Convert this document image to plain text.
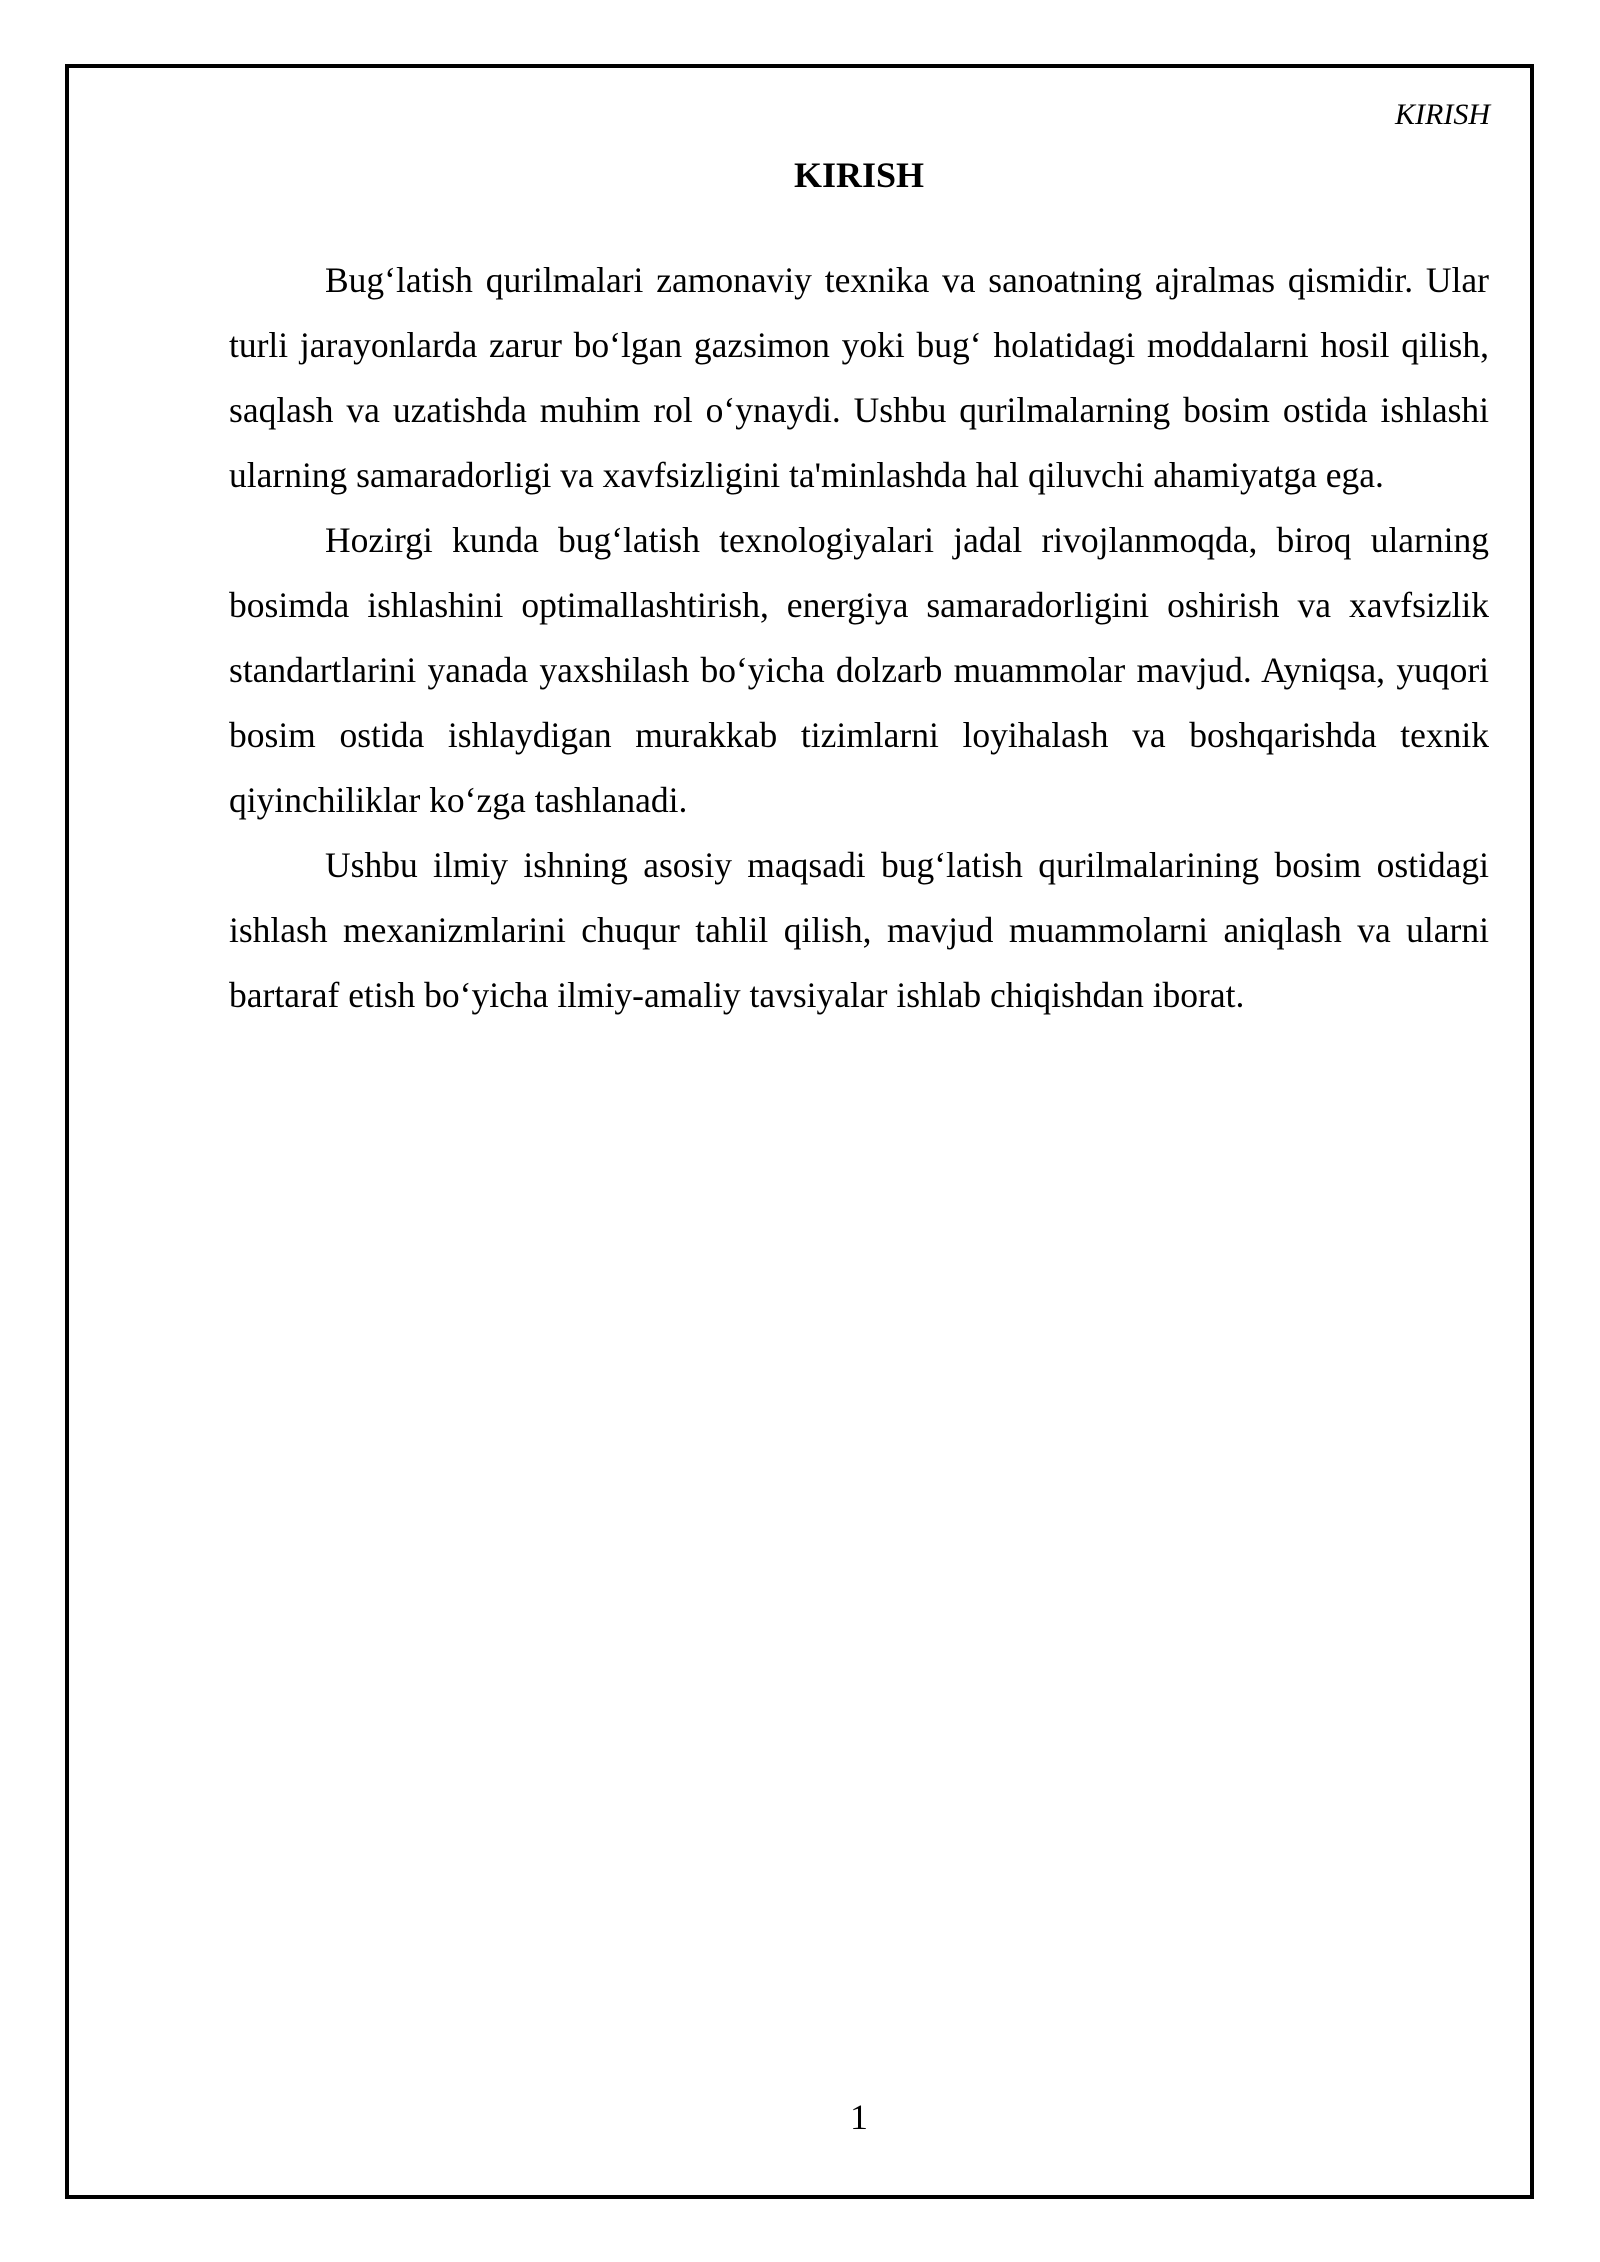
KIRISH
KIRISH

Bug‘latish qurilmalari zamonaviy texnika va sanoatning ajralmas qismidir. Ular turli jarayonlarda zarur bo‘lgan gazsimon yoki bug‘ holatidagi moddalarni hosil qilish, saqlash va uzatishda muhim rol o‘ynaydi. Ushbu qurilmalarning bosim ostida ishlashi ularning samaradorligi va xavfsizligini ta'minlashda hal qiluvchi ahamiyatga ega.

Hozirgi kunda bug‘latish texnologiyalari jadal rivojlanmoqda, biroq ularning bosimda ishlashini optimallashtirish, energiya samaradorligini oshirish va xavfsizlik standartlarini yanada yaxshilash bo‘yicha dolzarb muammolar mavjud. Ayniqsa, yuqori bosim ostida ishlaydigan murakkab tizimlarni loyihalash va boshqarishda texnik qiyinchiliklar ko‘zga tashlanadi.

Ushbu ilmiy ishning asosiy maqsadi bug‘latish qurilmalarining bosim ostidagi ishlash mexanizmlarini chuqur tahlil qilish, mavjud muammolarni aniqlash va ularni bartaraf etish bo‘yicha ilmiy-amaliy tavsiyalar ishlab chiqishdan iborat.

1
